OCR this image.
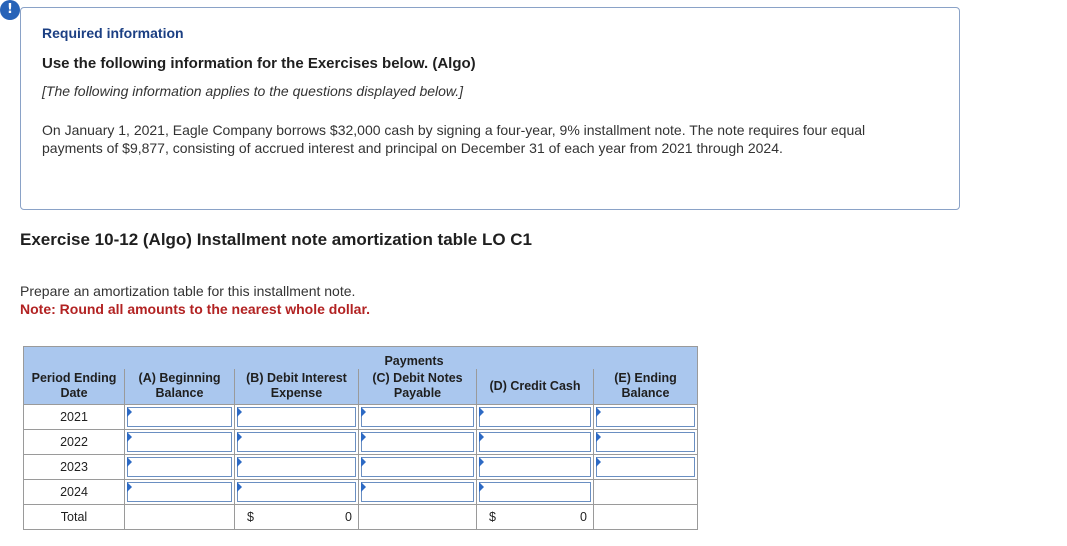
!
Required information
Use the following information for the Exercises below. (Algo)
[The following information applies to the questions displayed below.]
On January 1, 2021, Eagle Company borrows $32,000 cash by signing a four-year, 9% installment note. The note requires four equal payments of $9,877, consisting of accrued interest and principal on December 31 of each year from 2021 through 2024.
Exercise 10-12 (Algo) Installment note amortization table LO C1
Prepare an amortization table for this installment note.
Note: Round all amounts to the nearest whole dollar.
		Payments			
Period Ending Date	(A) Beginning Balance	(B) Debit Interest Expense	(C) Debit Notes Payable	(D) Credit Cash	(E) Ending Balance
2021	

2022	

2023	

2024	

Total		$ 0		$ 0	
